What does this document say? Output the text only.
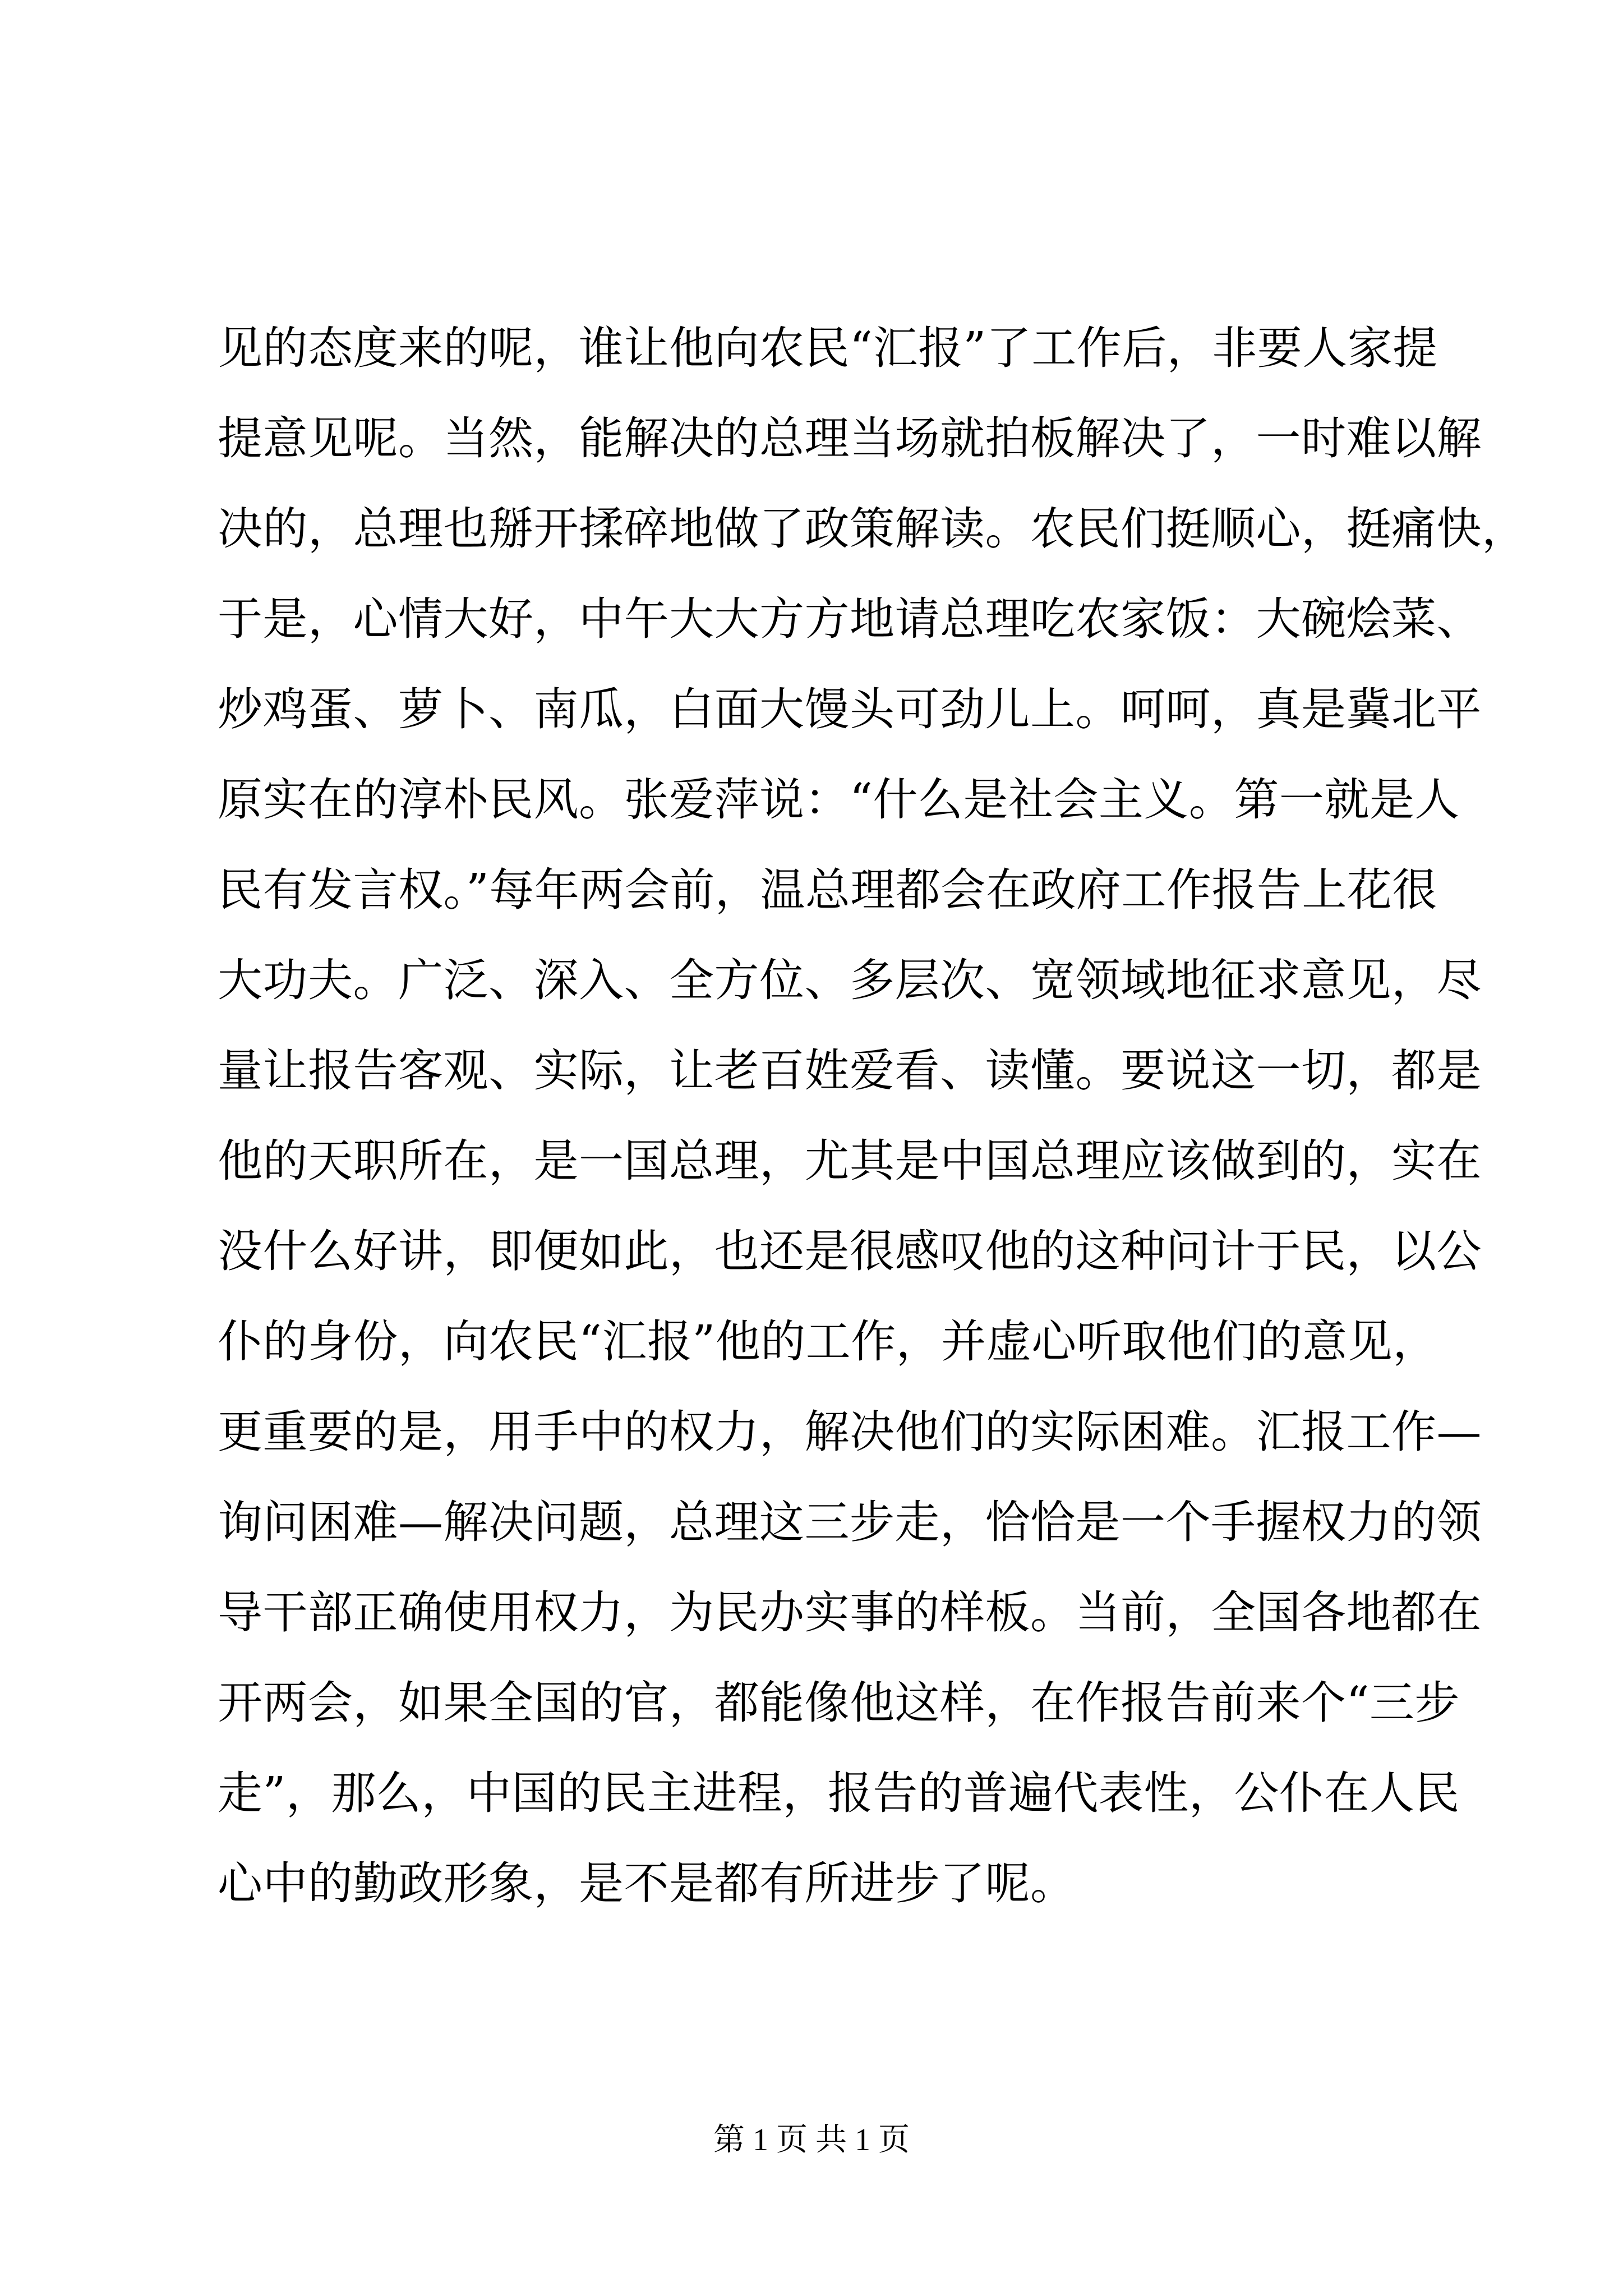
见的态度来的呢，谁让他向农民“汇报”了工作后，非要人家提
提意见呢。当然，能解决的总理当场就拍板解决了，一时难以解
决的，总理也掰开揉碎地做了政策解读。农民们挺顺心，挺痛快，
于是，心情大好，中午大大方方地请总理吃农家饭：大碗烩菜、
炒鸡蛋、萝卜、南瓜，白面大馒头可劲儿上。呵呵，真是冀北平
原实在的淳朴民风。张爱萍说：“什么是社会主义。第一就是人
民有发言权。”每年两会前，温总理都会在政府工作报告上花很
大功夫。广泛、深入、全方位、多层次、宽领域地征求意见，尽
量让报告客观、实际，让老百姓爱看、读懂。要说这一切，都是
他的天职所在，是一国总理，尤其是中国总理应该做到的，实在
没什么好讲，即便如此，也还是很感叹他的这种问计于民，以公
仆的身份，向农民“汇报”他的工作，并虚心听取他们的意见，
更重要的是，用手中的权力，解决他们的实际困难。汇报工作—
询问困难—解决问题，总理这三步走，恰恰是一个手握权力的领
导干部正确使用权力，为民办实事的样板。当前，全国各地都在
开两会，如果全国的官，都能像他这样，在作报告前来个“三步
走”，那么，中国的民主进程，报告的普遍代表性，公仆在人民
心中的勤政形象，是不是都有所进步了呢。
第 1 页 共 1 页
